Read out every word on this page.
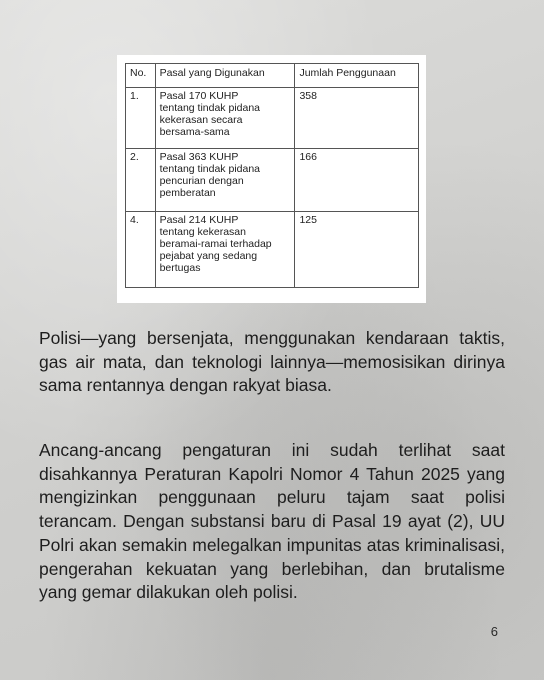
No.	Pasal yang Digunakan	Jumlah Penggunaan
1.	Pasal 170 KUHP
tentang tindak pidana
kekerasan secara
bersama-sama	358
2.	Pasal 363 KUHP
tentang tindak pidana
pencurian dengan
pemberatan	166
4.	Pasal 214 KUHP
tentang kekerasan
beramai-ramai terhadap
pejabat yang sedang
bertugas	125

Polisi—yang bersenjata, menggunakan kendaraan taktis, gas air mata, dan teknologi lainnya—memosisikan dirinya sama rentannya dengan rakyat biasa.

Ancang-ancang pengaturan ini sudah terlihat saat disahkannya Peraturan Kapolri Nomor 4 Tahun 2025 yang mengizinkan penggunaan peluru tajam saat polisi terancam. Dengan substansi baru di Pasal 19 ayat (2), UU Polri akan semakin melegalkan impunitas atas kriminalisasi, pengerahan kekuatan yang berlebihan, dan brutalisme yang gemar dilakukan oleh polisi.

6
